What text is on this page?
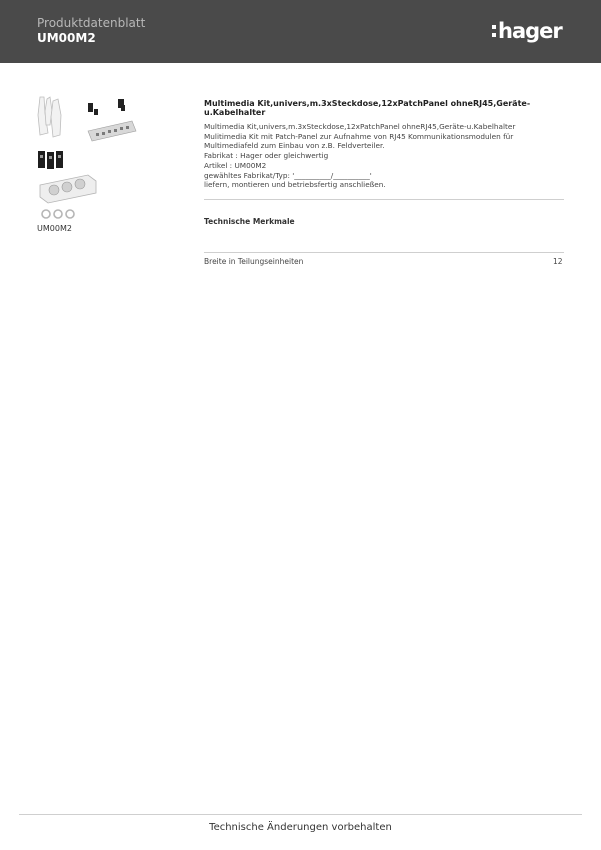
Produktdatenblatt
UM00M2	hager
UM00M2
Multimedia Kit,univers,m.3xSteckdose,12xPatchPanel ohneRJ45,Geräte-u.Kabelhalter
Multimedia Kit,univers,m.3xSteckdose,12xPatchPanel ohneRJ45,Geräte-u.Kabelhalter
Mulitimedia Kit mit Patch-Panel zur Aufnahme von RJ45 Kommunikationsmodulen für
Multimediafeld zum Einbau von z.B. Feldverteiler.
Fabrikat : Hager oder gleichwertig
Artikel : UM00M2
gewähltes Fabrikat/Typ: '__________/__________'
liefern, montieren und betriebsfertig anschließen.
Technische Merkmale
Breite in Teilungseinheiten	12
Technische Änderungen vorbehalten
